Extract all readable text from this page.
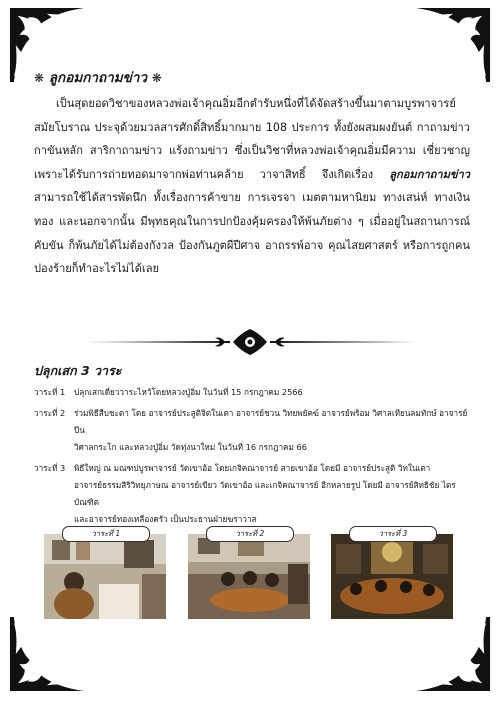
❋ ลูกอมกาถามข่าว ❋

เป็นสุดยอดวิชาของหลวงพ่อเจ้าคุณอิ่มอีกตำรับหนึ่งที่ได้จัดสร้างขึ้นมาตามบูรพาจารย์ สมัยโบราณ ประจุด้วยมวลสารศักดิ์สิทธิ์มากมาย 108 ประการ ทั้งยังผสมผงยันต์ กาถามข่าว กาขันหลัก สาริกาถามข่าว แร้งถามข่าว ซึ่งเป็นวิชาที่หลวงพ่อเจ้าคุณอิ่มมีความ เชี่ยวชาญเพราะได้รับการถ่ายทอดมาจากพ่อท่านคล้าย วาจาสิทธิ์ จึงเกิดเรื่อง ลูกอมกาถามข่าว สามารถใช้ได้สารพัดนึก ทั้งเรื่องการค้าขาย การเจรจา เมตตามหานิยม ทางเสน่ห์ ทางเงินทอง และนอกจากนั้น มีพุทธคุณในการปกป้องคุ้มครองให้พ้นภัยต่าง ๆ เมื่ออยู่ในสถานการณ์คับขัน ก็พ้นภัยได้ไม่ต้องกังวล ป้องกันภูตผีปีศาจ อาถรรพ์อาจ คุณไสยศาสตร์ หรือการถูกคน ปองร้ายก็ทำอะไรไม่ได้เลย

ปลุกเสก 3 วาระ
วาระที่ 1	ปลุกเสกเดี่ยววาระไหว้โดยหลวงปู่อิ่ม ในวันที่ 15 กรกฎาคม 2566
วาระที่ 2	ร่วมพิธีสืบชะตา โดย อาจารย์ประสูติจิตในเตา อาจารย์ชวน วิทยพยัคฆ์ อาจารย์พร้อม วิศาลเทียนลมทักษ์ อาจารย์ปีน
วิศาลกระโก และหลวงปู่อิ่ม วัดทุ่งนาใหม่ ในวันที่ 16 กรกฎาคม 66
วาระที่ 3	พิธีใหญ่ ณ มณฑปบูรพาจารย์ วัดเขาอ้อ โดยเกจิคณาจารย์ สายเขาอ้อ โดยมี อาจารย์ประสูติ วิทในเตา
อาจารย์ธรรมสิริวิทยุภาษณ อาจารย์เขียว วัดเขาอ้อ และเกจิคณาจารย์ อีกหลายรูป โดยมี อาจารย์สิทธิชัย ไตรบัณฑิต
และอาจารย์ทองเหลืองครัว เป็นประธานฝ่ายฆราวาส
วาระที่ 1	วาระที่ 2	วาระที่ 3
